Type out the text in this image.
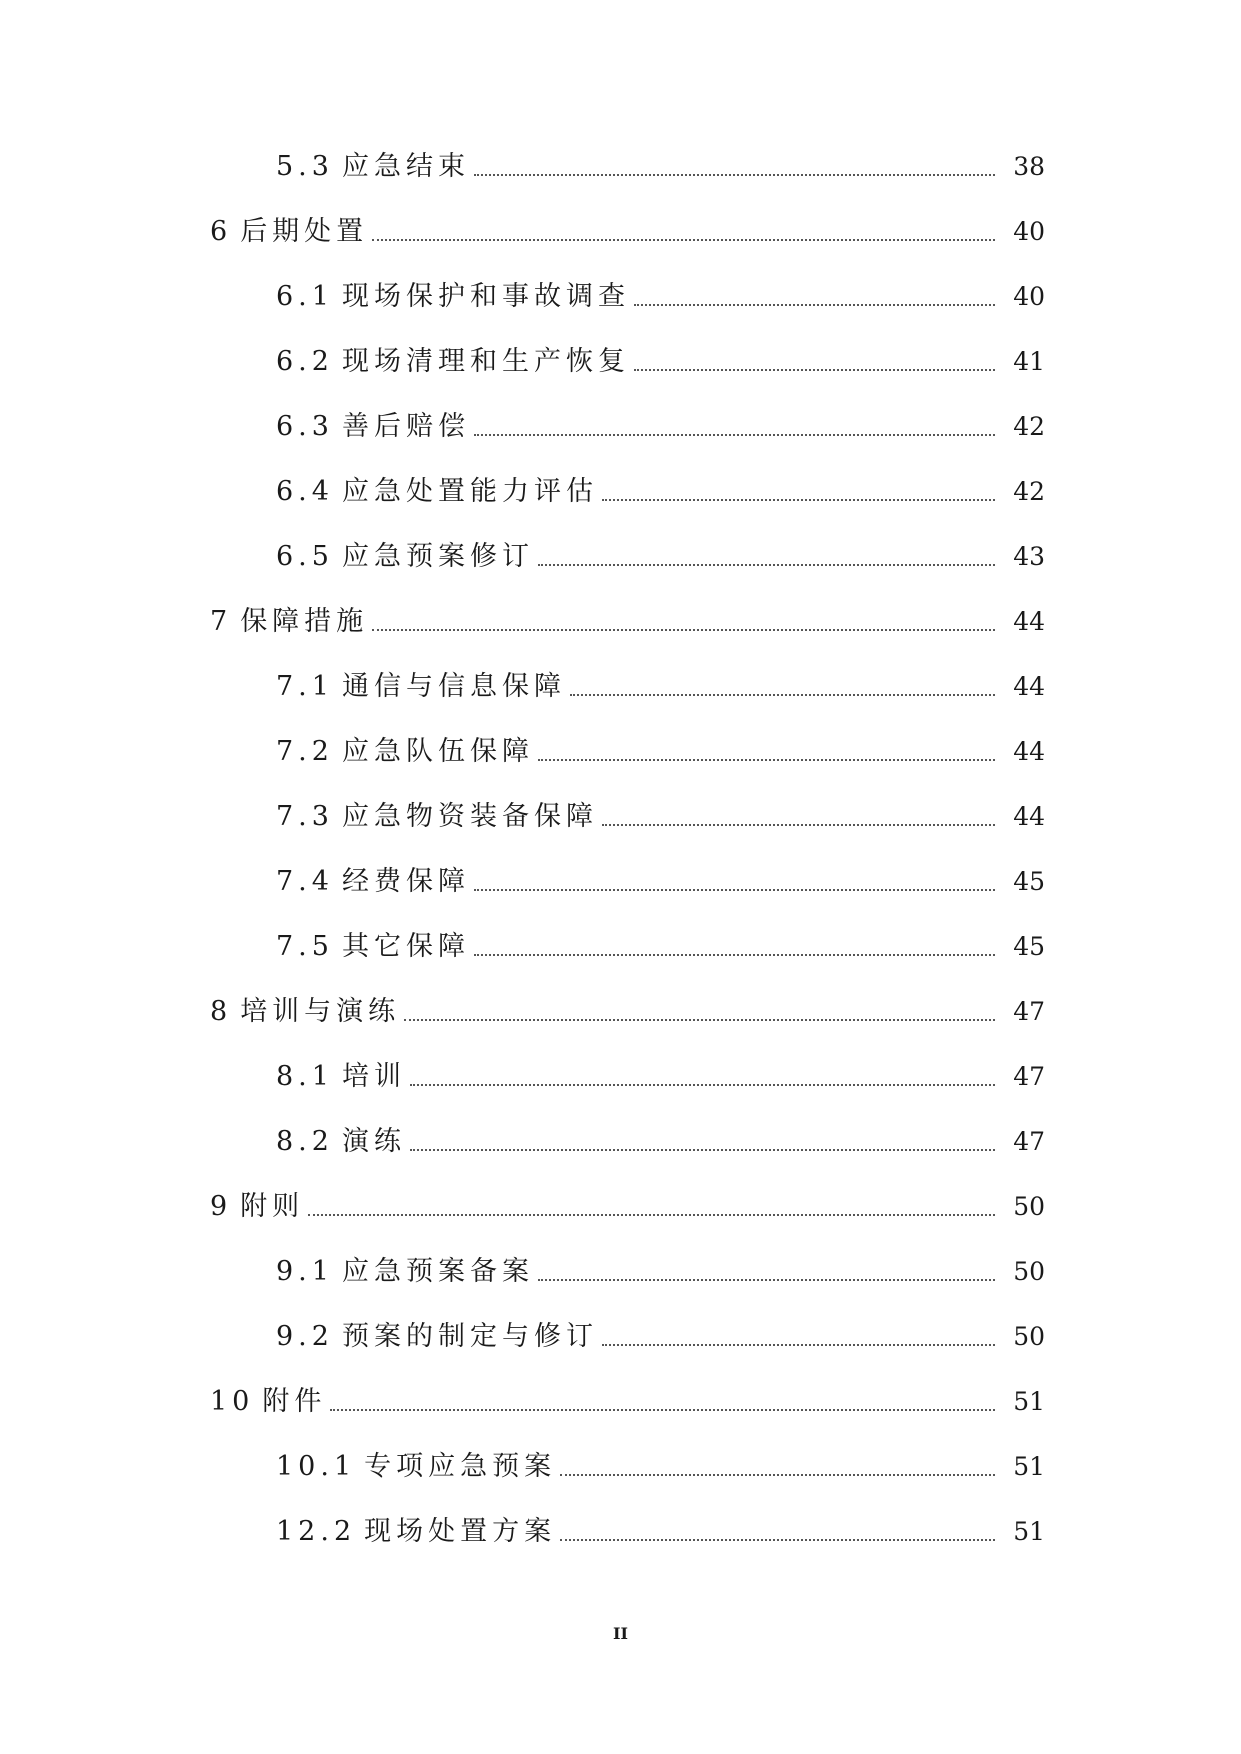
5.3 应急结束	38
6 后期处置	40
6.1 现场保护和事故调查	40
6.2 现场清理和生产恢复	41
6.3 善后赔偿	42
6.4 应急处置能力评估	42
6.5 应急预案修订	43
7 保障措施	44
7.1 通信与信息保障	44
7.2 应急队伍保障	44
7.3 应急物资装备保障	44
7.4 经费保障	45
7.5 其它保障	45
8 培训与演练	47
8.1 培训	47
8.2 演练	47
9 附则	50
9.1 应急预案备案	50
9.2 预案的制定与修订	50
10 附件	51
10.1 专项应急预案	51
12.2 现场处置方案	51
II
